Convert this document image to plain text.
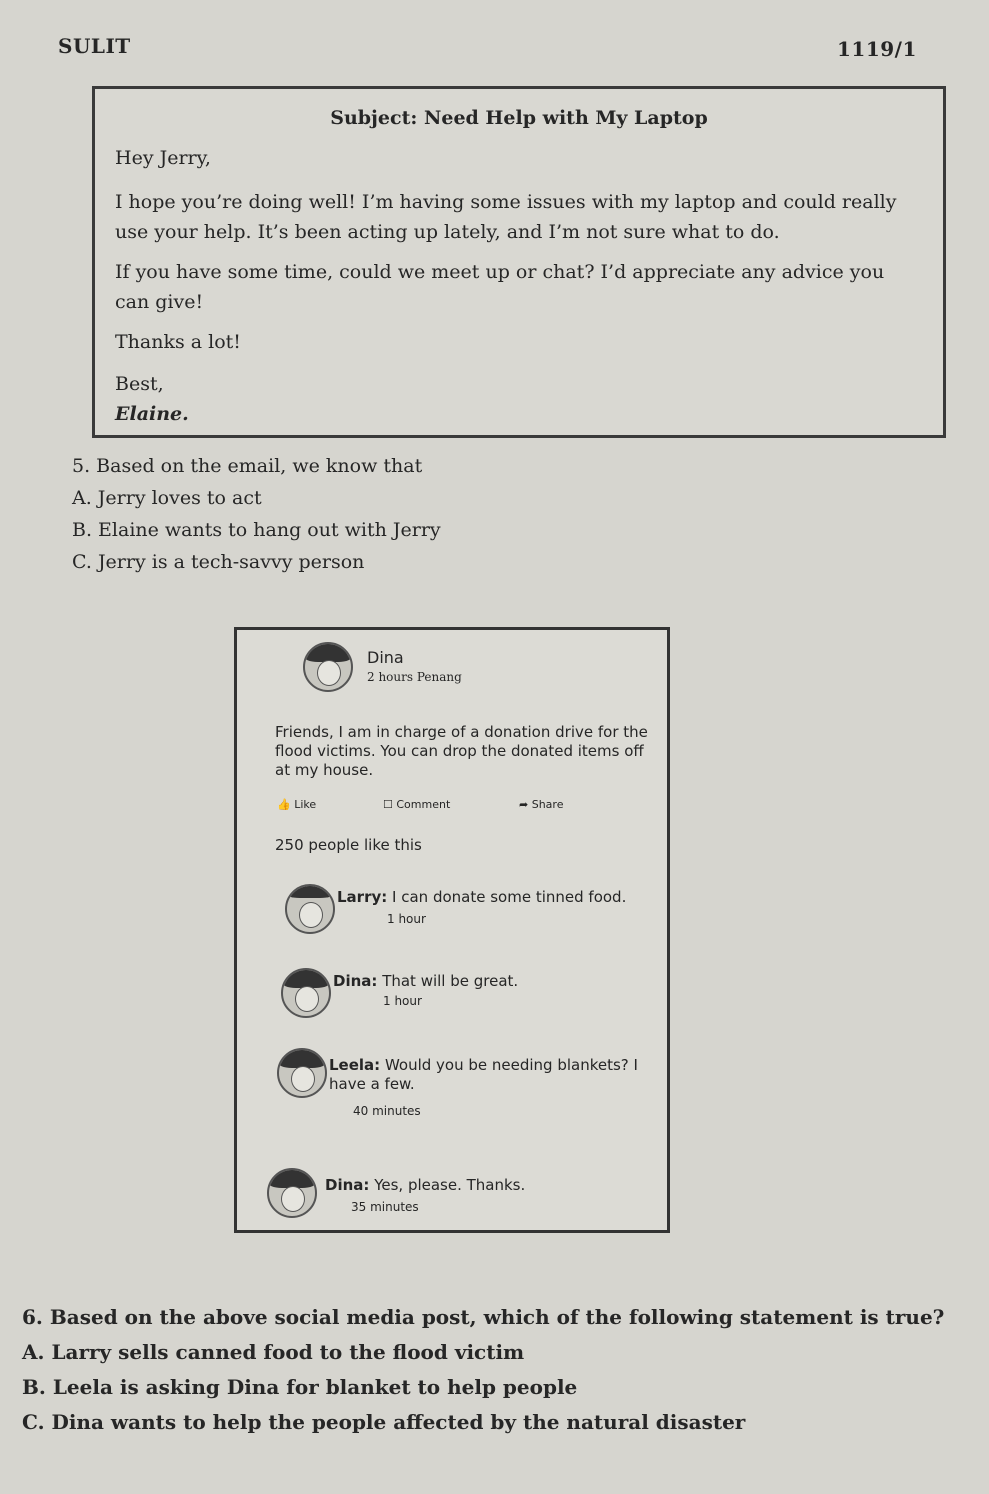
SULIT	1119/1
Subject: Need Help with My Laptop

Hey Jerry,

I hope you’re doing well! I’m having some issues with my laptop and could really use your help. It’s been acting up lately, and I’m not sure what to do.

If you have some time, could we meet up or chat? I’d appreciate any advice you can give!

Thanks a lot!

Best,

Elaine.

5. Based on the email, we know that
A. Jerry loves to act
B. Elaine wants to hang out with Jerry
C. Jerry is a tech-savvy person
Dina
2 hours Penang
Friends, I am in charge of a donation drive for the flood victims. You can drop the donated items off at my house.
👍 Like	☐ Comment	➦ Share
250 people like this
Larry: I can donate some tinned food.
1 hour
Dina: That will be great.
1 hour
Leela: Would you be needing blankets? I have a few.
40 minutes
Dina: Yes, please. Thanks.
35 minutes
6. Based on the above social media post, which of the following statement is true?
A. Larry sells canned food to the flood victim
B. Leela is asking Dina for blanket to help people
C. Dina wants to help the people affected by the natural disaster
